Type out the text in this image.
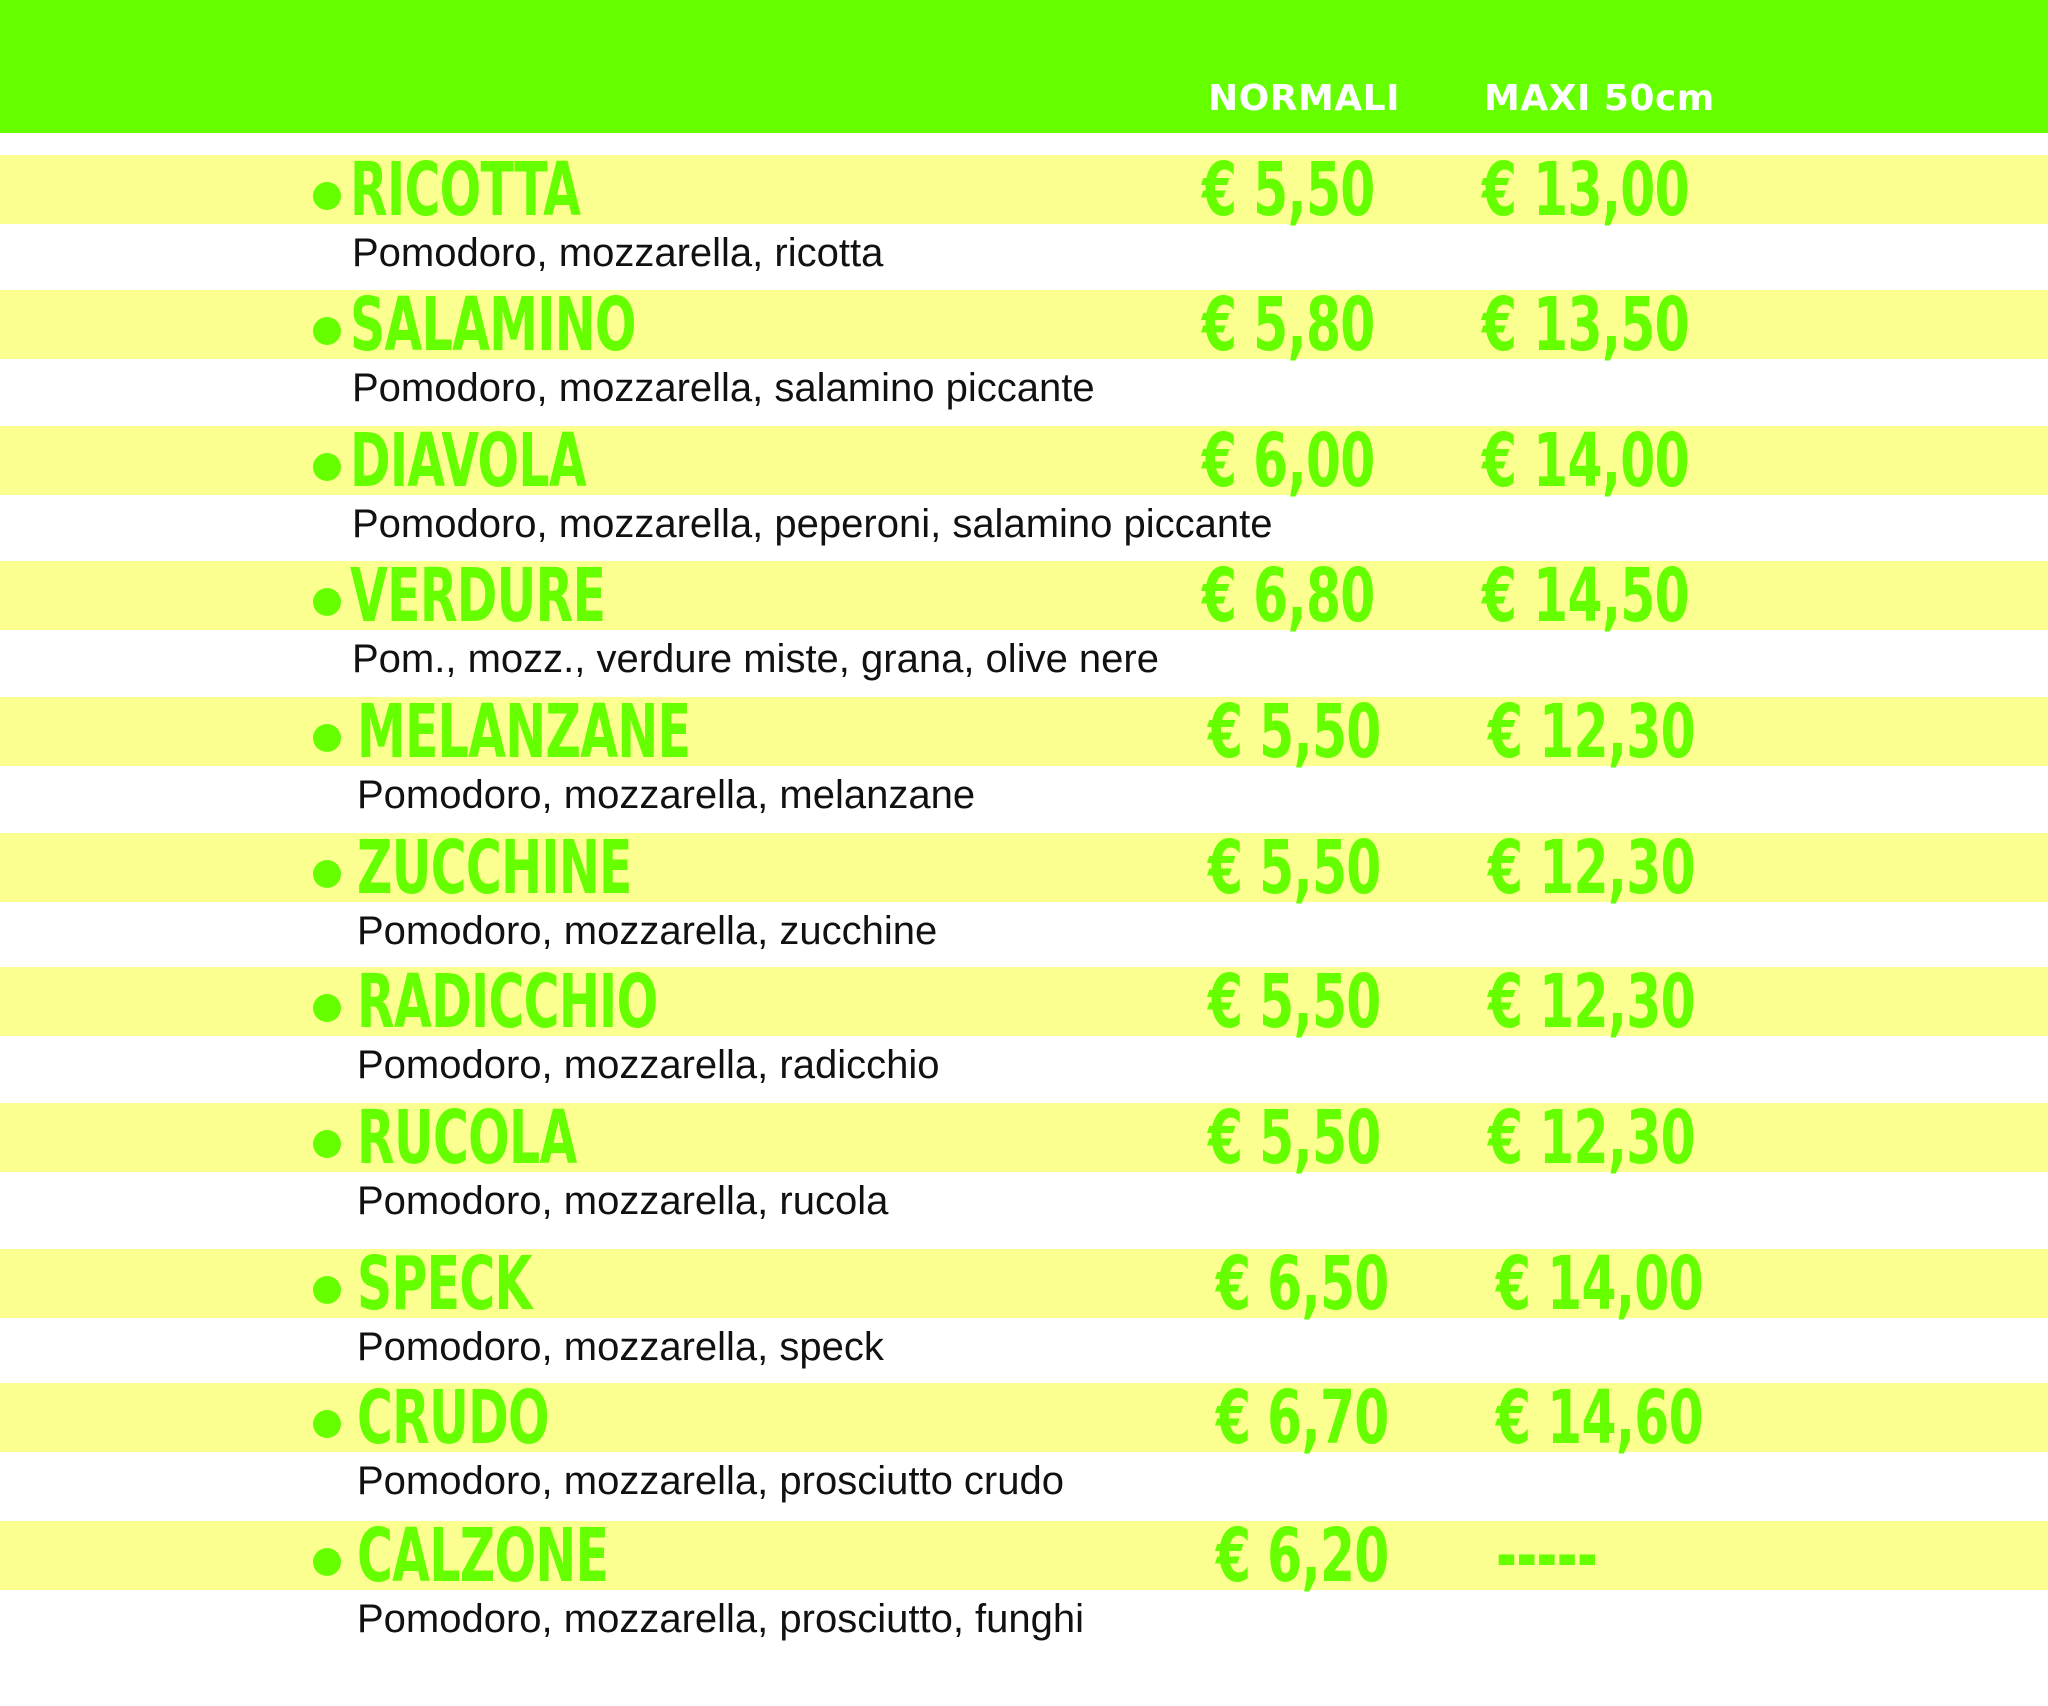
NORMALI MAXI 50cm
RICOTTA	€ 5,50 € 13,00
Pomodoro, mozzarella, ricotta
SALAMINO	€ 5,80 € 13,50
Pomodoro, mozzarella, salamino piccante
DIAVOLA	€ 6,00 € 14,00
Pomodoro, mozzarella, peperoni, salamino piccante
VERDURE	€ 6,80 € 14,50
Pom., mozz., verdure miste, grana, olive nere
MELANZANE	€ 5,50 € 12,30
Pomodoro, mozzarella, melanzane
ZUCCHINE	€ 5,50 € 12,30
Pomodoro, mozzarella, zucchine
RADICCHIO	€ 5,50 € 12,30
Pomodoro, mozzarella, radicchio
RUCOLA	€ 5,50 € 12,30
Pomodoro, mozzarella, rucola
SPECK	€ 6,50 € 14,00
Pomodoro, mozzarella, speck
CRUDO	€ 6,70 € 14,60
Pomodoro, mozzarella, prosciutto crudo
CALZONE	€ 6,20 -----
Pomodoro, mozzarella, prosciutto, funghi
